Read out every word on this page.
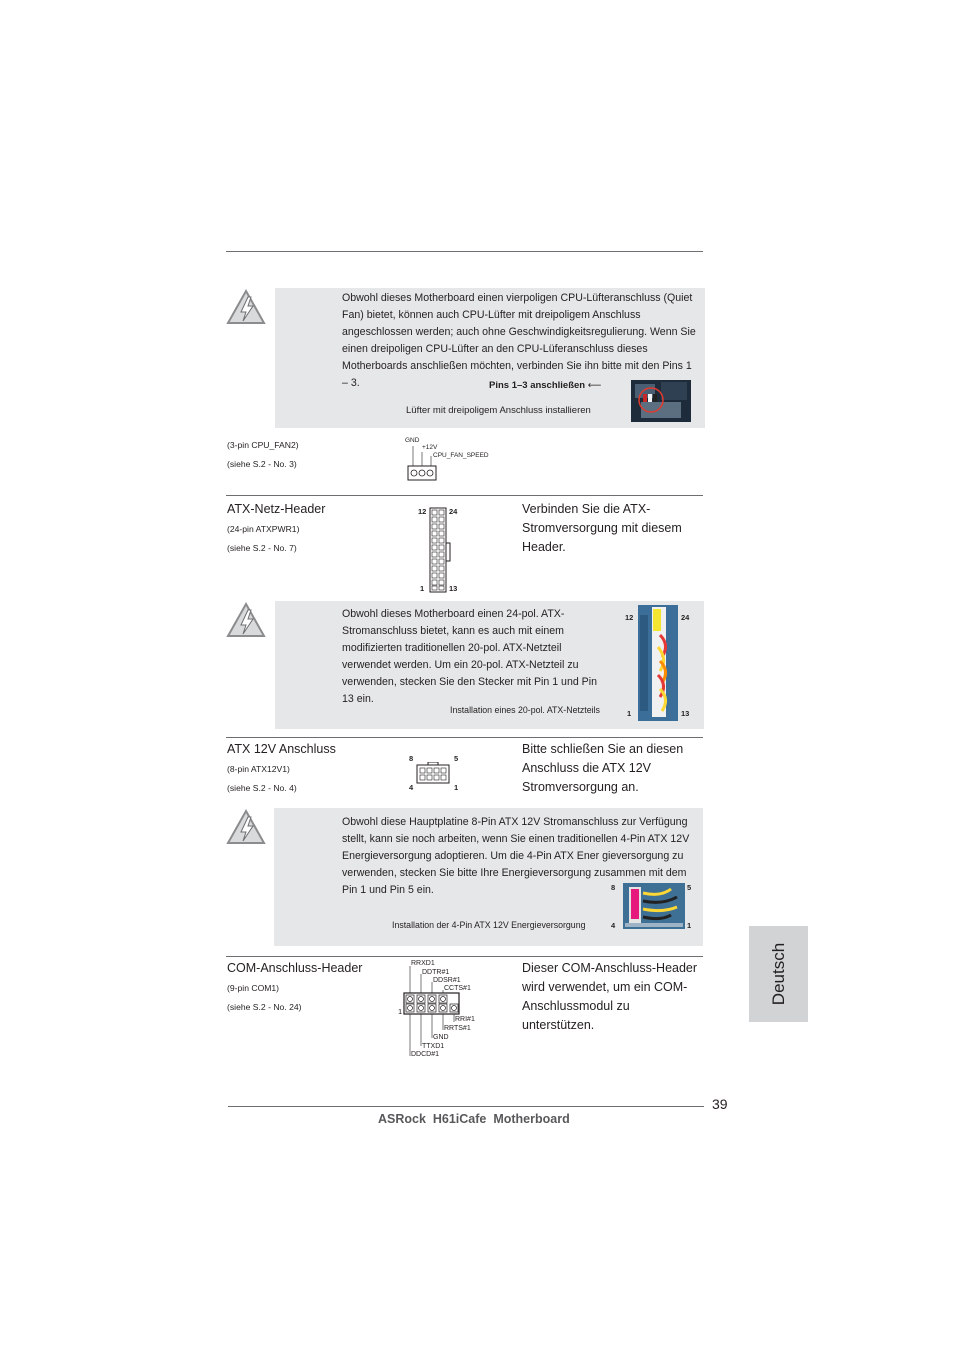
Obwohl dieses Motherboard einen vierpoligen CPU-Lüfteranschluss (Quiet Fan) bietet, können auch CPU-Lüfter mit dreipoligem Anschluss angeschlossen werden; auch ohne Geschwindigkeitsregulierung. Wenn Sie einen dreipoligen CPU-Lüfter an den CPU-Lüferanschluss dieses Motherboards anschließen möchten, verbinden Sie ihn bitte mit den Pins 1 – 3.	Pins 1–3 anschließen ⟵
Lüfter mit dreipoligem Anschluss installieren
(3-pin CPU_FAN2)
(siehe S.2 - No. 3)
GND
+12V
CPU_FAN_SPEED
ATX-Netz-Header
(24-pin ATXPWR1)
(siehe S.2 - No. 7)
12	24
1	13
Verbinden Sie die ATX-Stromversorgung mit diesem Header.
Obwohl dieses Motherboard einen 24-pol. ATX-Stromanschluss bietet, kann es auch mit einem modifizierten traditionellen 20-pol. ATX-Netzteil verwendet werden. Um ein 20-pol. ATX-Netzteil zu verwenden, stecken Sie den Stecker mit Pin 1 und Pin 13 ein.
Installation eines 20-pol. ATX-Netzteils
12	24
1	13
ATX 12V Anschluss
(8-pin ATX12V1)
(siehe S.2 - No. 4)
8	5
4	1
Bitte schließen Sie an diesen Anschluss die ATX 12V Stromversorgung an.
Obwohl diese Hauptplatine 8-Pin ATX 12V Stromanschluss zur Verfügung stellt, kann sie noch arbeiten, wenn Sie einen traditionellen 4-Pin ATX 12V Energieversorgung adoptieren. Um die 4-Pin ATX Ener gieversorgung zu verwenden, stecken Sie bitte Ihre Energieversorgung zusammen mit dem Pin 1 und Pin 5 ein.
Installation der 4-Pin ATX 12V Energieversorgung
8	5
4	1
COM-Anschluss-Header
(9-pin COM1)
(siehe S.2 - No. 24)
RRXD1
DDTR#1
DDSR#1
CCTS#1
RRI#1
RRTS#1
GND
TTXD1
DDCD#1
1
Dieser COM-Anschluss-Header wird verwendet, um ein COM-Anschlussmodul zu unterstützen.
Deutsch
39
ASRock  H61iCafe  Motherboard
